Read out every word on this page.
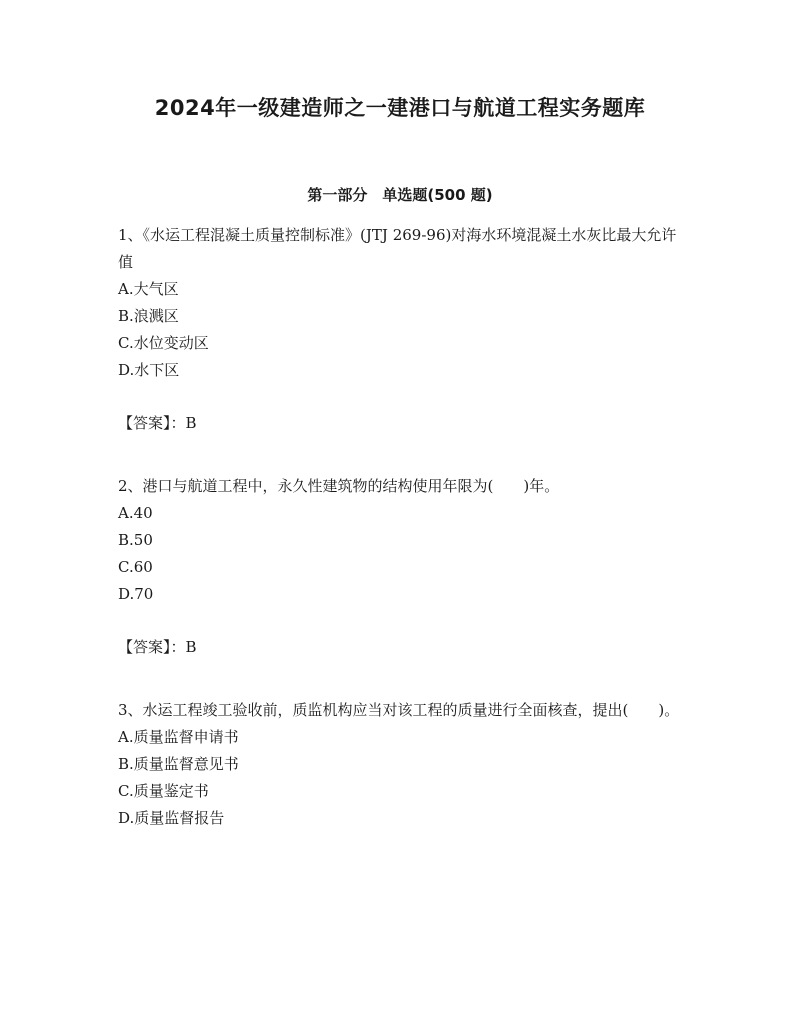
2024年一级建造师之一建港口与航道工程实务题库
第一部分　单选题(500 题)

1、《水运工程混凝土质量控制标准》(JTJ 269-96)对海水环境混凝土水灰比最大允许值

A.大气区

B.浪溅区

C.水位变动区

D.水下区

【答案】：B

2、港口与航道工程中，永久性建筑物的结构使用年限为(　　)年。

A.40

B.50

C.60

D.70

【答案】：B

3、水运工程竣工验收前，质监机构应当对该工程的质量进行全面核查，提出(　　)。

A.质量监督申请书

B.质量监督意见书

C.质量鉴定书

D.质量监督报告
